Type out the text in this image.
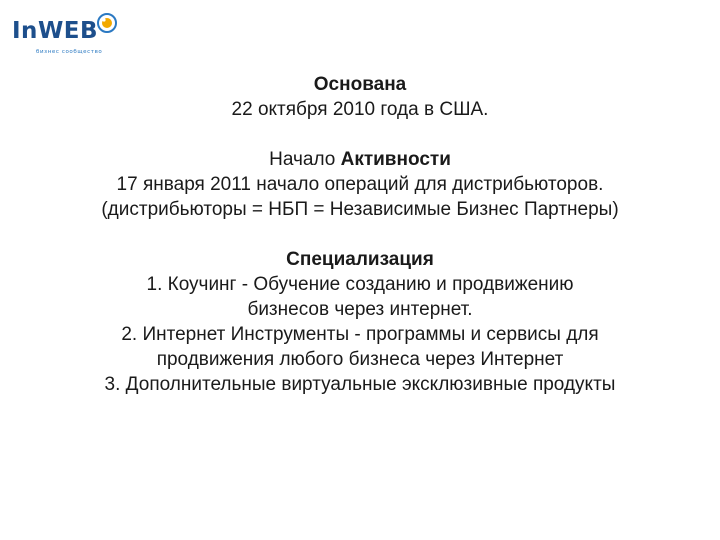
InWEB
бизнес сообщество
Основана
22 октября 2010 года в США.
Начало Активности
17 января 2011 начало операций для дистрибьюторов.
(дистрибьюторы = НБП = Независимые Бизнес Партнеры)
Специализация
1. Коучинг - Обучение созданию и продвижению
бизнесов через интернет.
2. Интернет Инструменты - программы и сервисы для
продвижения любого бизнеса через Интернет
3. Дополнительные виртуальные эксклюзивные продукты
